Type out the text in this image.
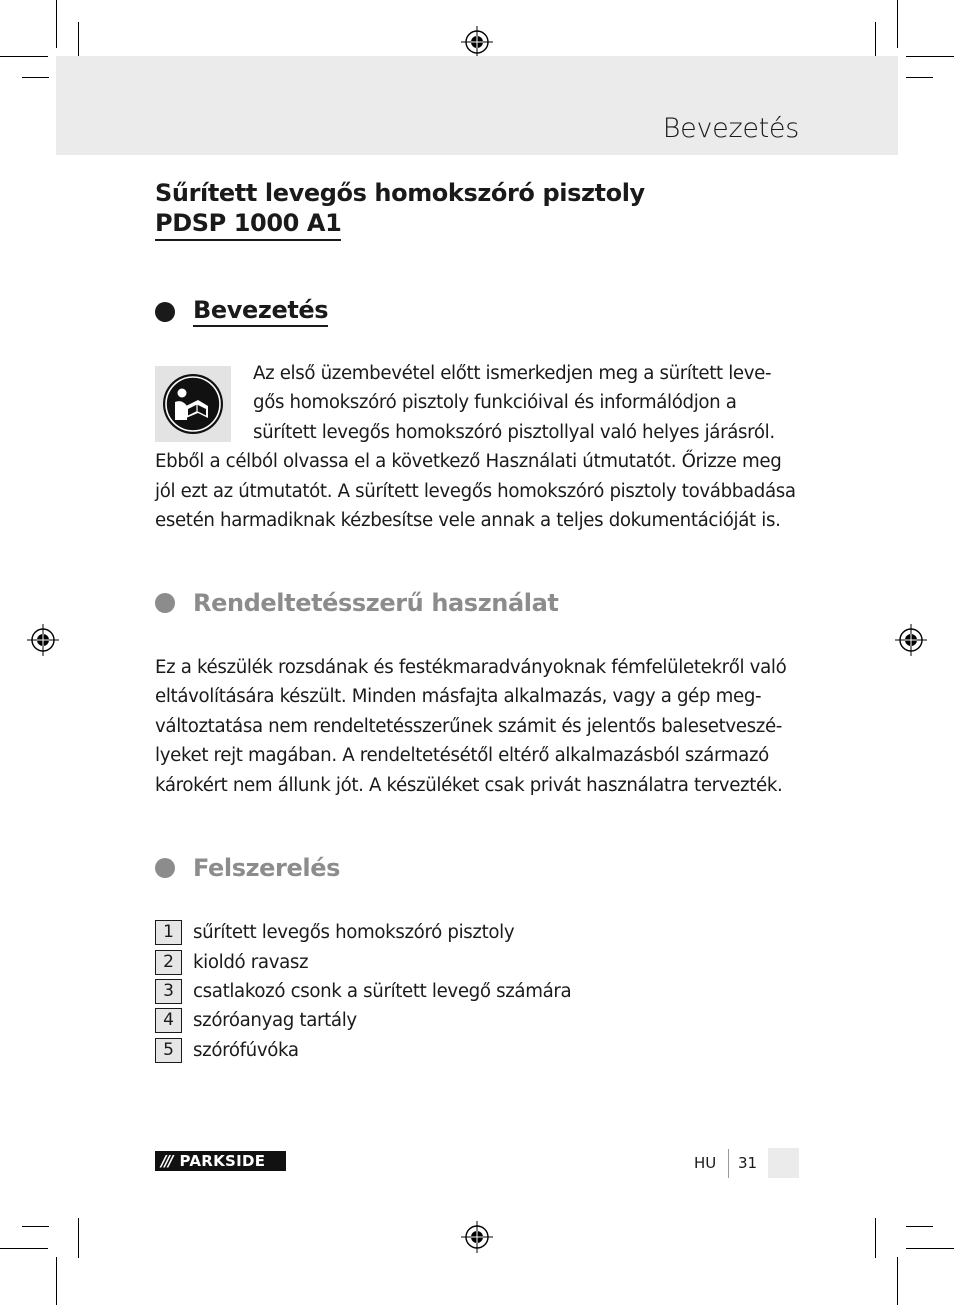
Bevezetés
Sűrített levegős homokszóró pisztoly
PDSP 1000 A1
Bevezetés

Az első üzembevétel előtt ismerkedjen meg a sürített leve-
gős homokszóró pisztoly funkcióival és informálódjon a
sürített levegős homokszóró pisztollyal való helyes járásról.
Ebből a célból olvassa el a következő Használati útmutatót. Őrizze meg
jól ezt az útmutatót. A sürített levegős homokszóró pisztoly továbbadása
esetén harmadiknak kézbesítse vele annak a teljes dokumentációját is.

Rendeltetésszerű használat

Ez a készülék rozsdának és festékmaradványoknak fémfelületekről való
eltávolítására készült. Minden másfajta alkalmazás, vagy a gép meg-
változtatása nem rendeltetésszerűnek számit és jelentős balesetveszé-
lyeket rejt magában. A rendeltetésétől eltérő alkalmazásból származó
károkért nem állunk jót. A készüléket csak privát használatra tervezték.

Felszerelés
1	sűrített levegős homokszóró pisztoly
2	kioldó ravasz
3	csatlakozó csonk a sürített levegő számára
4	szóróanyag tartály
5	szórófúvóka
/// PARKSIDE	HU 31
